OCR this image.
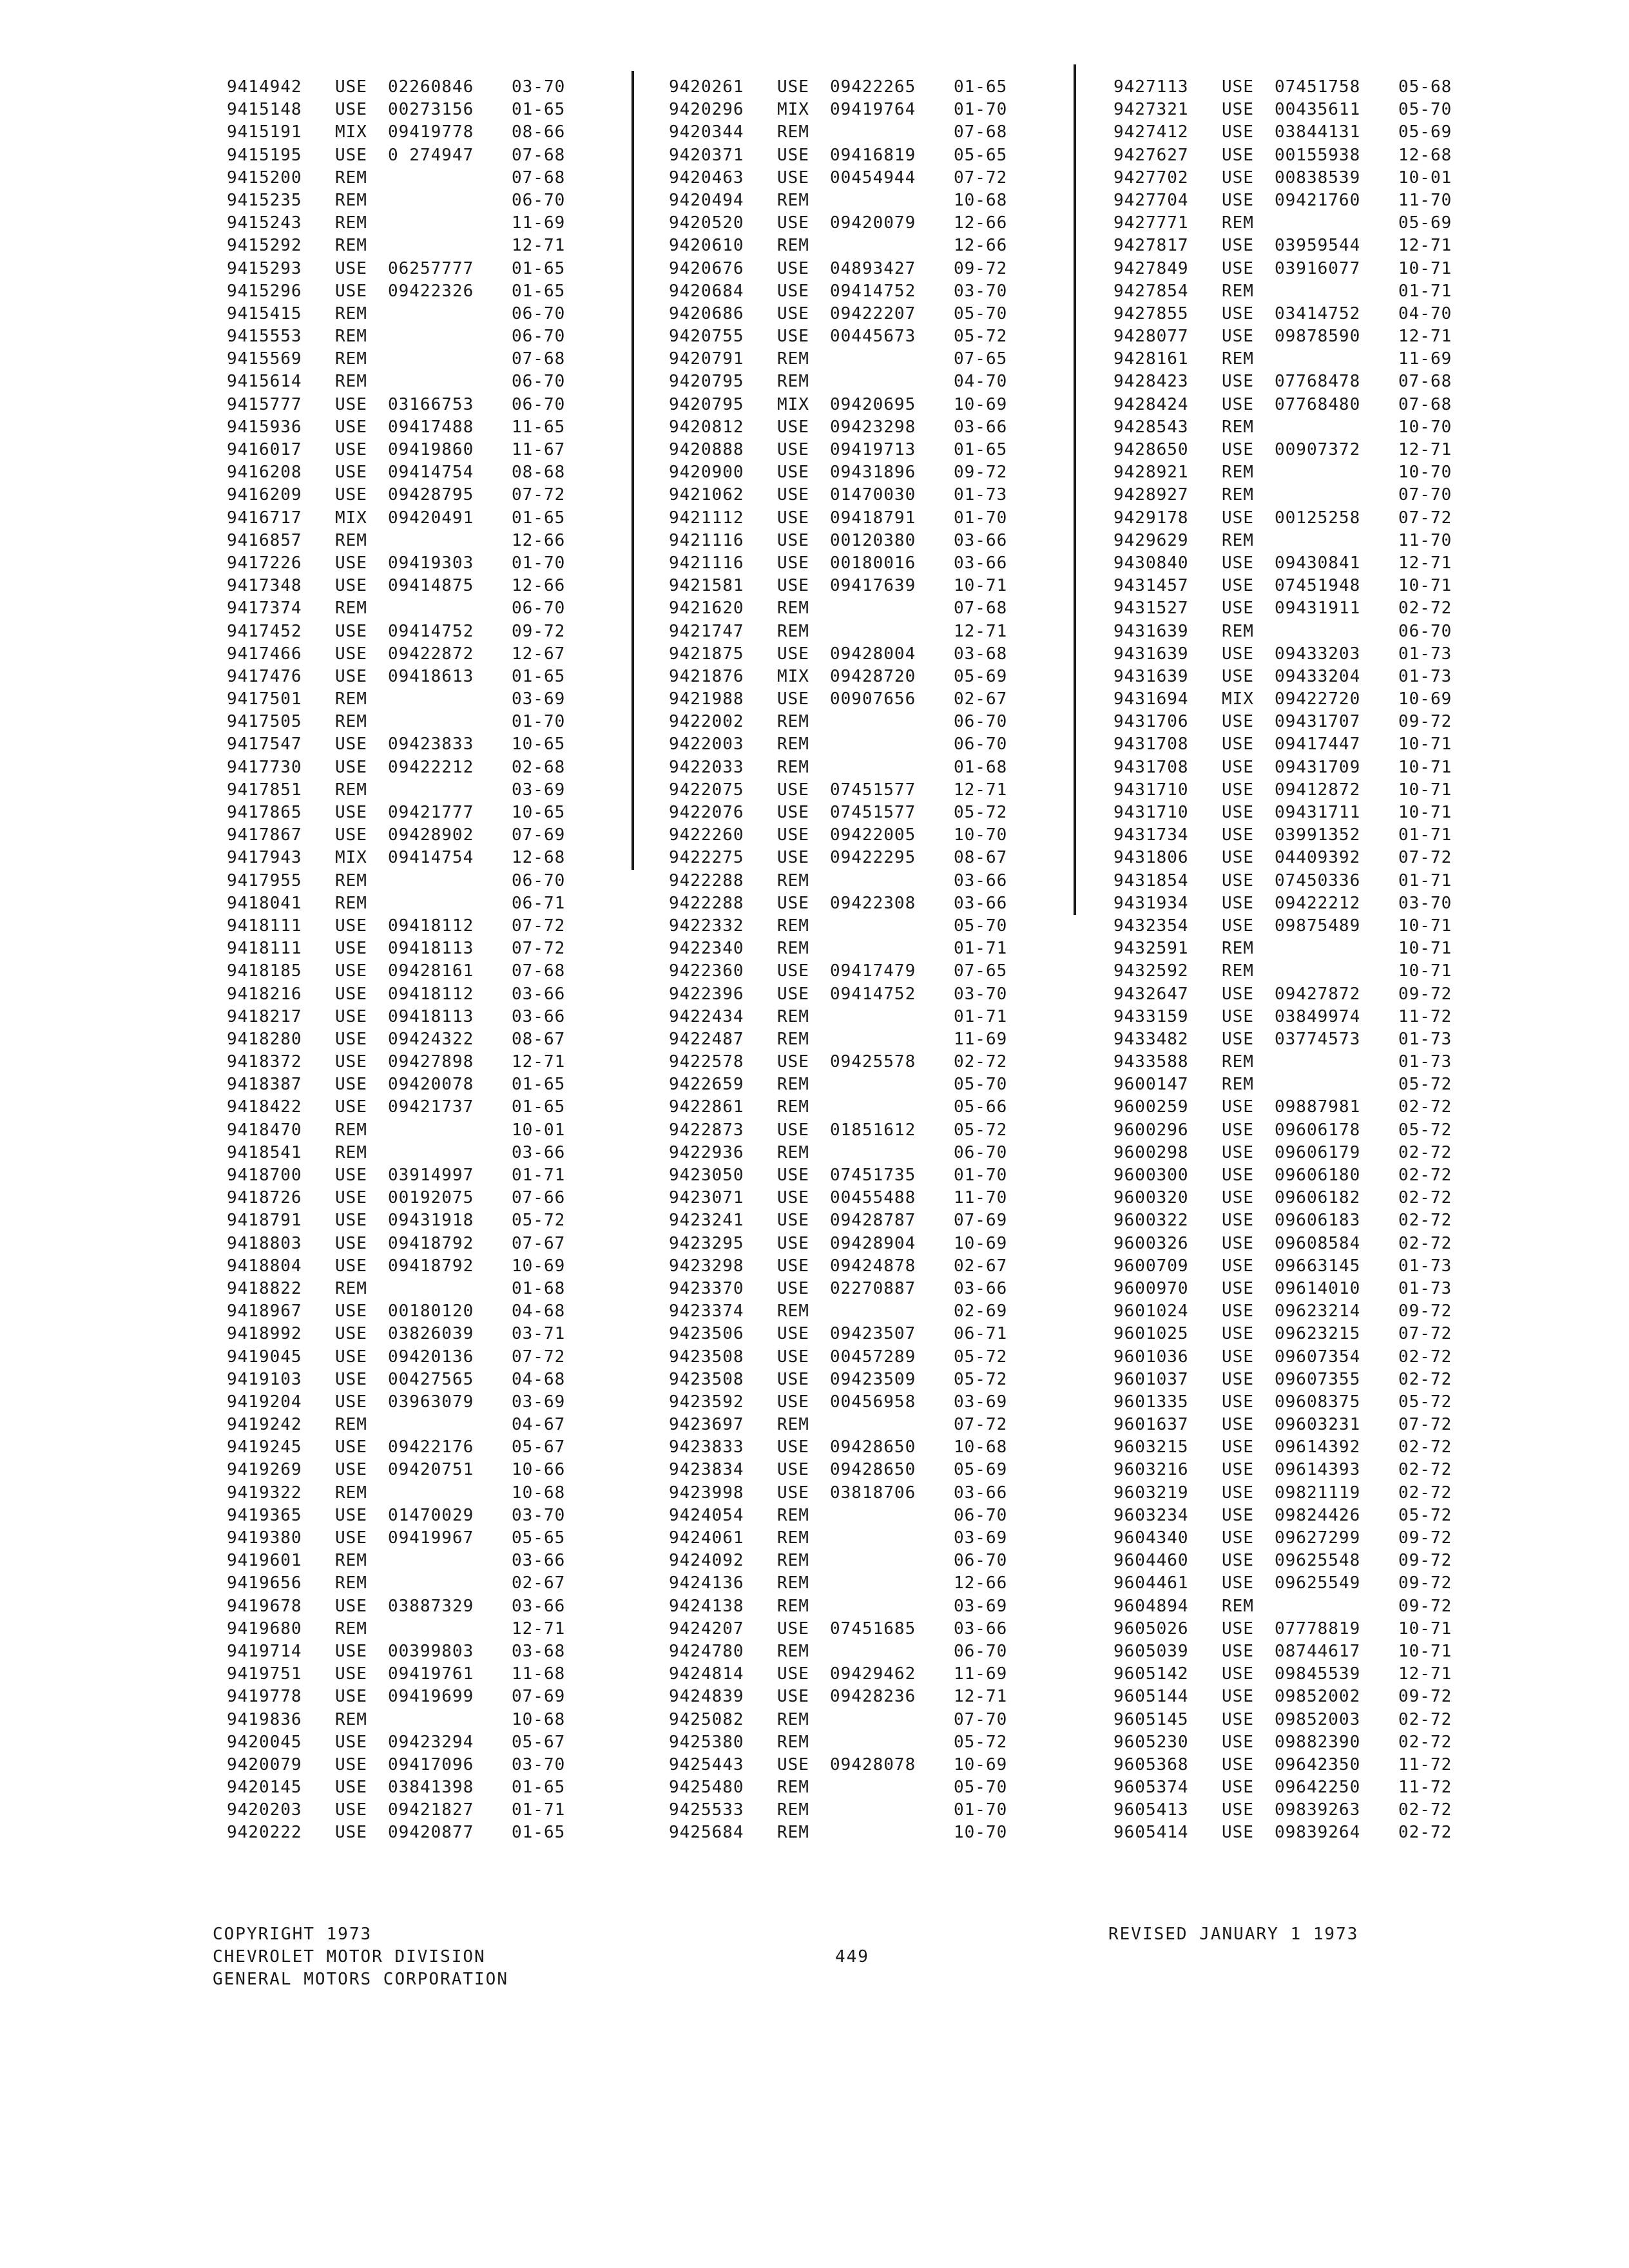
9414942 USE 02260846 03-70
9415148 USE 00273156 01-65
9415191 MIX 09419778 08-66
9415195 USE 0 274947 07-68
9415200 REM	07-68
9415235 REM	06-70
9415243 REM	11-69
9415292 REM	12-71
9415293 USE 06257777 01-65
9415296 USE 09422326 01-65
9415415 REM	06-70
9415553 REM	06-70
9415569 REM	07-68
9415614 REM	06-70
9415777 USE 03166753 06-70
9415936 USE 09417488 11-65
9416017 USE 09419860 11-67
9416208 USE 09414754 08-68
9416209 USE 09428795 07-72
9416717 MIX 09420491 01-65
9416857 REM	12-66
9417226 USE 09419303 01-70
9417348 USE 09414875 12-66
9417374 REM	06-70
9417452 USE 09414752 09-72
9417466 USE 09422872 12-67
9417476 USE 09418613 01-65
9417501 REM	03-69
9417505 REM	01-70
9417547 USE 09423833 10-65
9417730 USE 09422212 02-68
9417851 REM	03-69
9417865 USE 09421777 10-65
9417867 USE 09428902 07-69
9417943 MIX 09414754 12-68
9417955 REM	06-70
9418041 REM	06-71
9418111 USE 09418112 07-72
9418111 USE 09418113 07-72
9418185 USE 09428161 07-68
9418216 USE 09418112 03-66
9418217 USE 09418113 03-66
9418280 USE 09424322 08-67
9418372 USE 09427898 12-71
9418387 USE 09420078 01-65
9418422 USE 09421737 01-65
9418470 REM	10-01
9418541 REM	03-66
9418700 USE 03914997 01-71
9418726 USE 00192075 07-66
9418791 USE 09431918 05-72
9418803 USE 09418792 07-67
9418804 USE 09418792 10-69
9418822 REM	01-68
9418967 USE 00180120 04-68
9418992 USE 03826039 03-71
9419045 USE 09420136 07-72
9419103 USE 00427565 04-68
9419204 USE 03963079 03-69
9419242 REM	04-67
9419245 USE 09422176 05-67
9419269 USE 09420751 10-66
9419322 REM	10-68
9419365 USE 01470029 03-70
9419380 USE 09419967 05-65
9419601 REM	03-66
9419656 REM	02-67
9419678 USE 03887329 03-66
9419680 REM	12-71
9419714 USE 00399803 03-68
9419751 USE 09419761 11-68
9419778 USE 09419699 07-69
9419836 REM	10-68
9420045 USE 09423294 05-67
9420079 USE 09417096 03-70
9420145 USE 03841398 01-65
9420203 USE 09421827 01-71
9420222 USE 09420877 01-65
9420261 USE 09422265 01-65
9420296 MIX 09419764 01-70
9420344 REM	07-68
9420371 USE 09416819 05-65
9420463 USE 00454944 07-72
9420494 REM	10-68
9420520 USE 09420079 12-66
9420610 REM	12-66
9420676 USE 04893427 09-72
9420684 USE 09414752 03-70
9420686 USE 09422207 05-70
9420755 USE 00445673 05-72
9420791 REM	07-65
9420795 REM	04-70
9420795 MIX 09420695 10-69
9420812 USE 09423298 03-66
9420888 USE 09419713 01-65
9420900 USE 09431896 09-72
9421062 USE 01470030 01-73
9421112 USE 09418791 01-70
9421116 USE 00120380 03-66
9421116 USE 00180016 03-66
9421581 USE 09417639 10-71
9421620 REM	07-68
9421747 REM	12-71
9421875 USE 09428004 03-68
9421876 MIX 09428720 05-69
9421988 USE 00907656 02-67
9422002 REM	06-70
9422003 REM	06-70
9422033 REM	01-68
9422075 USE 07451577 12-71
9422076 USE 07451577 05-72
9422260 USE 09422005 10-70
9422275 USE 09422295 08-67
9422288 REM	03-66
9422288 USE 09422308 03-66
9422332 REM	05-70
9422340 REM	01-71
9422360 USE 09417479 07-65
9422396 USE 09414752 03-70
9422434 REM	01-71
9422487 REM	11-69
9422578 USE 09425578 02-72
9422659 REM	05-70
9422861 REM	05-66
9422873 USE 01851612 05-72
9422936 REM	06-70
9423050 USE 07451735 01-70
9423071 USE 00455488 11-70
9423241 USE 09428787 07-69
9423295 USE 09428904 10-69
9423298 USE 09424878 02-67
9423370 USE 02270887 03-66
9423374 REM	02-69
9423506 USE 09423507 06-71
9423508 USE 00457289 05-72
9423508 USE 09423509 05-72
9423592 USE 00456958 03-69
9423697 REM	07-72
9423833 USE 09428650 10-68
9423834 USE 09428650 05-69
9423998 USE 03818706 03-66
9424054 REM	06-70
9424061 REM	03-69
9424092 REM	06-70
9424136 REM	12-66
9424138 REM	03-69
9424207 USE 07451685 03-66
9424780 REM	06-70
9424814 USE 09429462 11-69
9424839 USE 09428236 12-71
9425082 REM	07-70
9425380 REM	05-72
9425443 USE 09428078 10-69
9425480 REM	05-70
9425533 REM	01-70
9425684 REM	10-70
9427113 USE 07451758 05-68
9427321 USE 00435611 05-70
9427412 USE 03844131 05-69
9427627 USE 00155938 12-68
9427702 USE 00838539 10-01
9427704 USE 09421760 11-70
9427771 REM	05-69
9427817 USE 03959544 12-71
9427849 USE 03916077 10-71
9427854 REM	01-71
9427855 USE 03414752 04-70
9428077 USE 09878590 12-71
9428161 REM	11-69
9428423 USE 07768478 07-68
9428424 USE 07768480 07-68
9428543 REM	10-70
9428650 USE 00907372 12-71
9428921 REM	10-70
9428927 REM	07-70
9429178 USE 00125258 07-72
9429629 REM	11-70
9430840 USE 09430841 12-71
9431457 USE 07451948 10-71
9431527 USE 09431911 02-72
9431639 REM	06-70
9431639 USE 09433203 01-73
9431639 USE 09433204 01-73
9431694 MIX 09422720 10-69
9431706 USE 09431707 09-72
9431708 USE 09417447 10-71
9431708 USE 09431709 10-71
9431710 USE 09412872 10-71
9431710 USE 09431711 10-71
9431734 USE 03991352 01-71
9431806 USE 04409392 07-72
9431854 USE 07450336 01-71
9431934 USE 09422212 03-70
9432354 USE 09875489 10-71
9432591 REM	10-71
9432592 REM	10-71
9432647 USE 09427872 09-72
9433159 USE 03849974 11-72
9433482 USE 03774573 01-73
9433588 REM	01-73
9600147 REM	05-72
9600259 USE 09887981 02-72
9600296 USE 09606178 05-72
9600298 USE 09606179 02-72
9600300 USE 09606180 02-72
9600320 USE 09606182 02-72
9600322 USE 09606183 02-72
9600326 USE 09608584 02-72
9600709 USE 09663145 01-73
9600970 USE 09614010 01-73
9601024 USE 09623214 09-72
9601025 USE 09623215 07-72
9601036 USE 09607354 02-72
9601037 USE 09607355 02-72
9601335 USE 09608375 05-72
9601637 USE 09603231 07-72
9603215 USE 09614392 02-72
9603216 USE 09614393 02-72
9603219 USE 09821119 02-72
9603234 USE 09824426 05-72
9604340 USE 09627299 09-72
9604460 USE 09625548 09-72
9604461 USE 09625549 09-72
9604894 REM	09-72
9605026 USE 07778819 10-71
9605039 USE 08744617 10-71
9605142 USE 09845539 12-71
9605144 USE 09852002 09-72
9605145 USE 09852003 02-72
9605230 USE 09882390 02-72
9605368 USE 09642350 11-72
9605374 USE 09642250 11-72
9605413 USE 09839263 02-72
9605414 USE 09839264 02-72
COPYRIGHT 1973
CHEVROLET MOTOR DIVISION
GENERAL MOTORS CORPORATION
449
REVISED JANUARY 1 1973
